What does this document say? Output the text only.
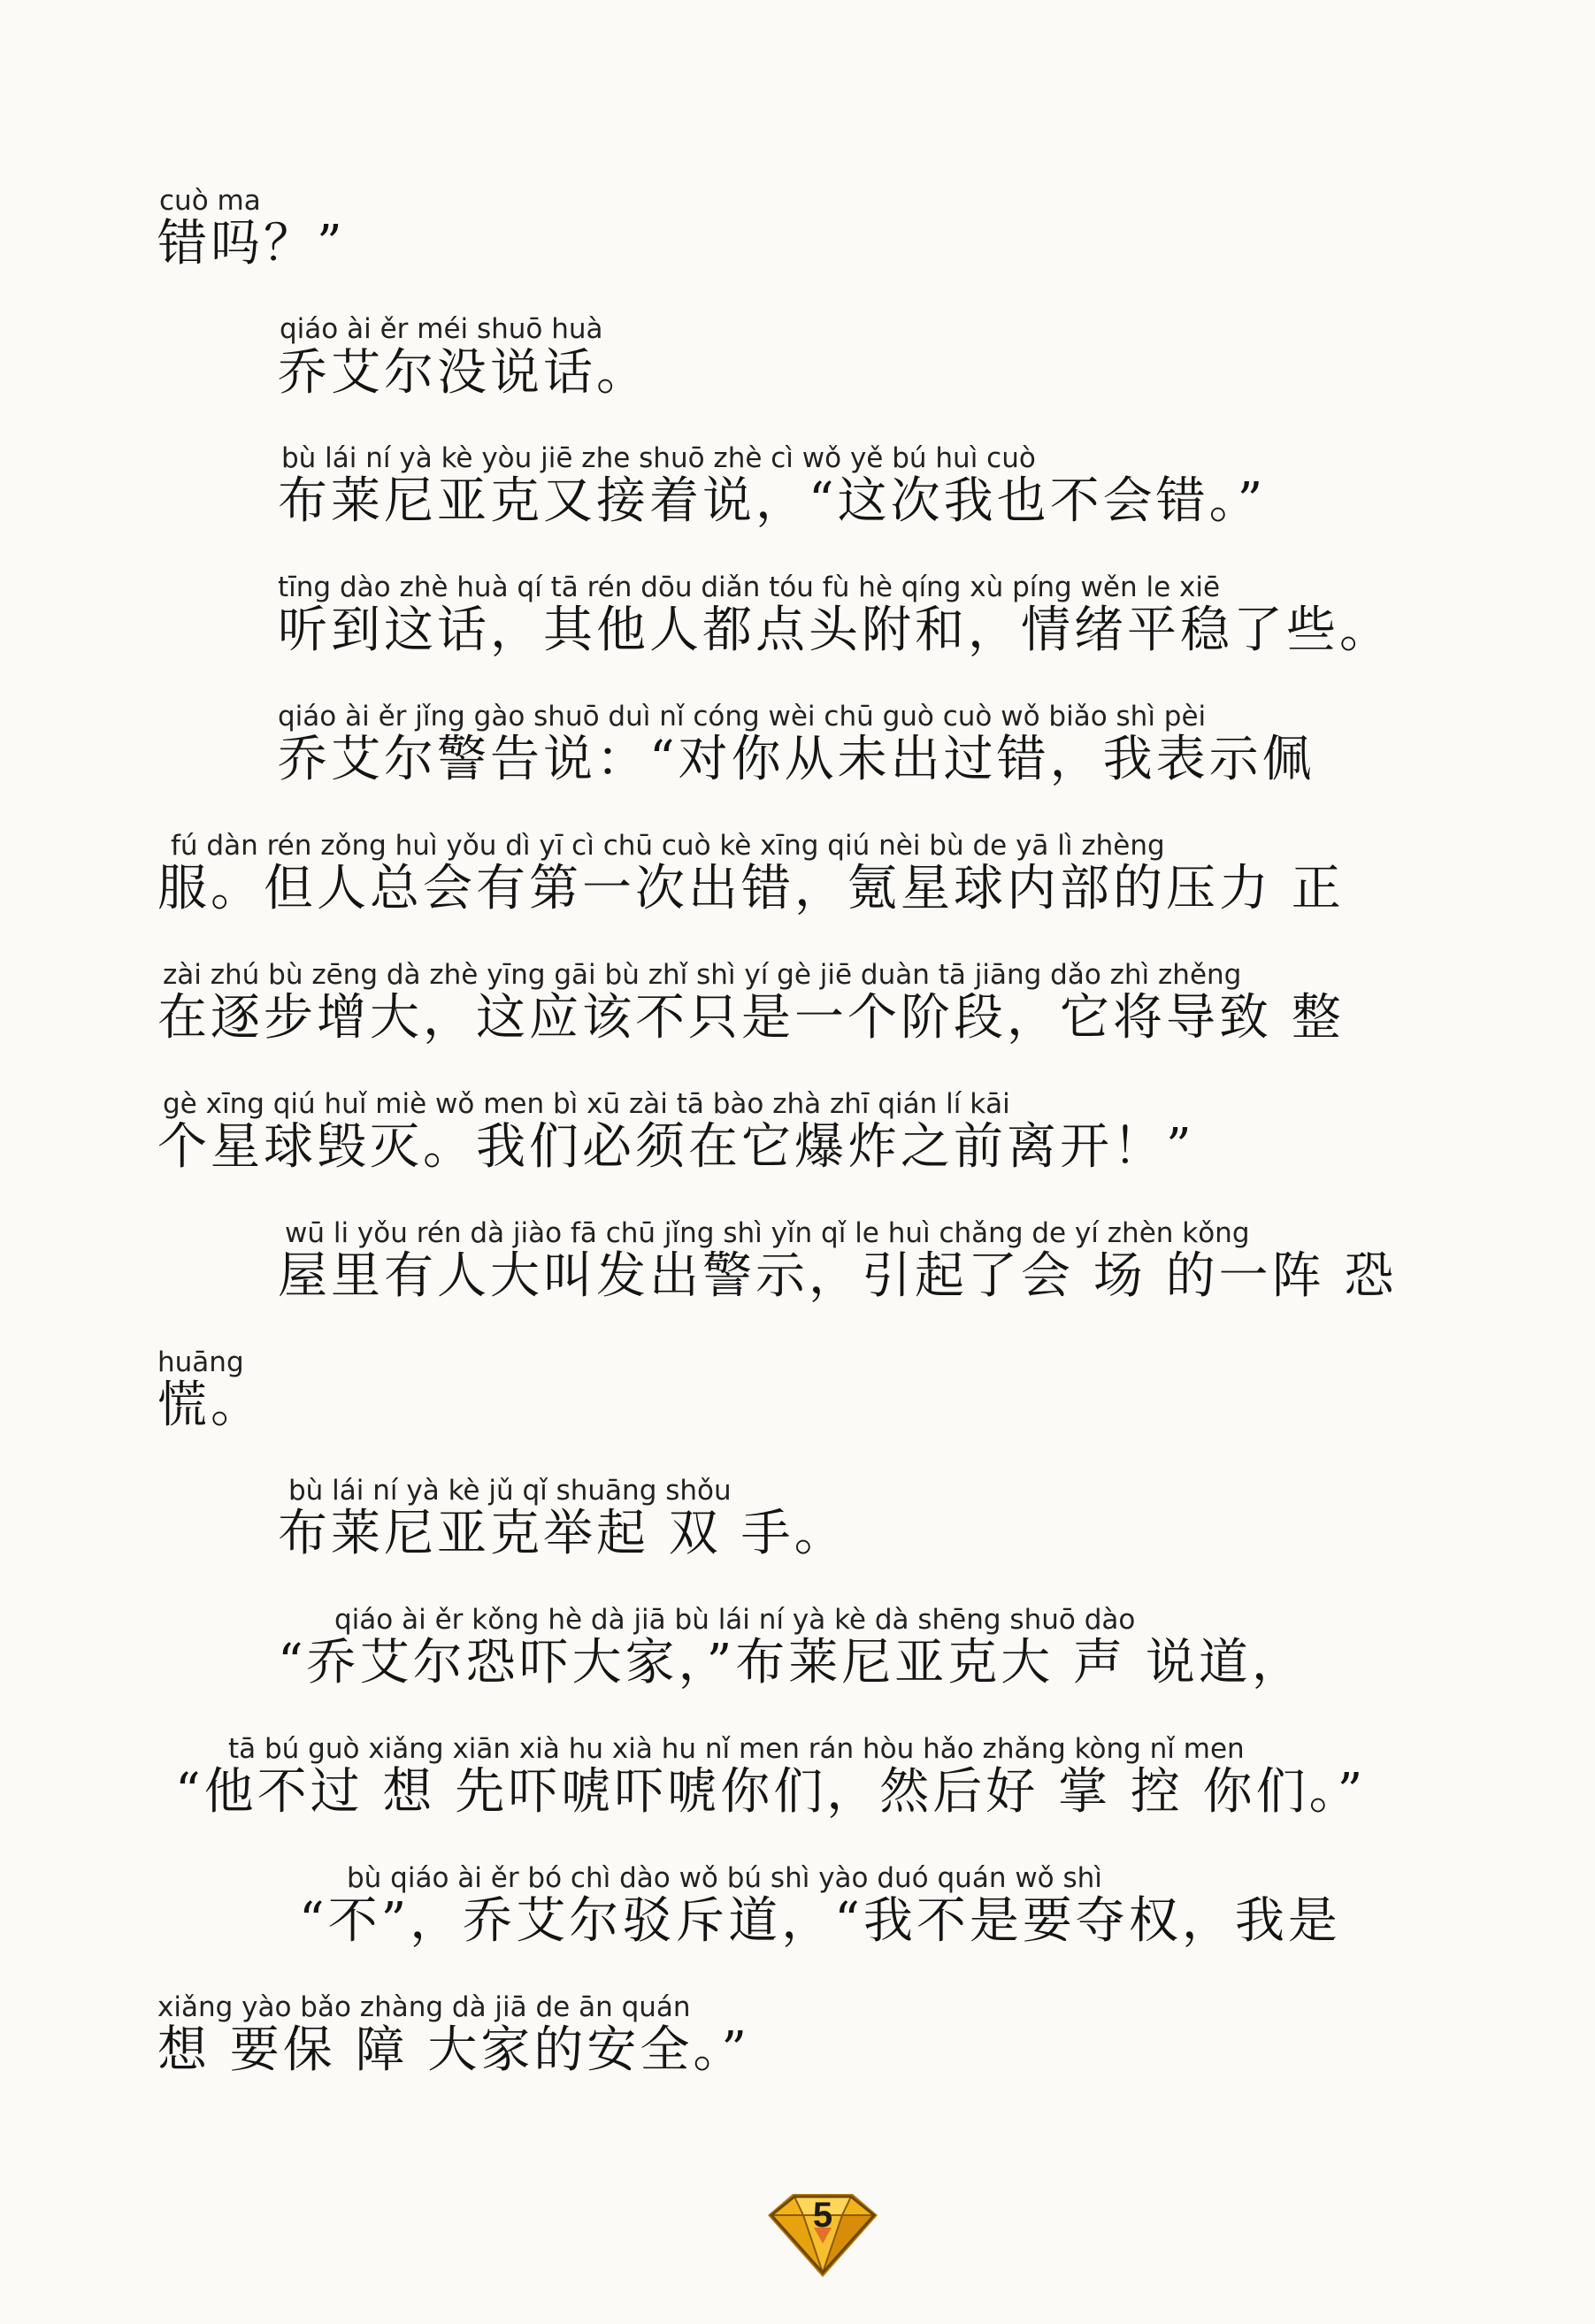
cuò ma
错吗？”
qiáo ài ěr méi shuō huà
乔艾尔没说话。
bù lái ní yà kè yòu jiē zhe shuō zhè cì wǒ yě bú huì cuò
布莱尼亚克又接着说，“这次我也不会错。”
tīng dào zhè huà qí tā rén dōu diǎn tóu fù hè qíng xù píng wěn le xiē
听到这话，其他人都点头附和，情绪平稳了些。
qiáo ài ěr jǐng gào shuō duì nǐ cóng wèi chū guò cuò wǒ biǎo shì pèi
乔艾尔警告说：“对你从未出过错，我表示佩
fú dàn rén zǒng huì yǒu dì yī cì chū cuò kè xīng qiú nèi bù de yā lì zhèng
服。但人总会有第一次出错，氪星球内部的压力 正
zài zhú bù zēng dà zhè yīng gāi bù zhǐ shì yí gè jiē duàn tā jiāng dǎo zhì zhěng
在逐步增大，这应该不只是一个阶段，它将导致 整
gè xīng qiú huǐ miè wǒ men bì xū zài tā bào zhà zhī qián lí kāi
个星球毁灭。我们必须在它爆炸之前离开！”
wū li yǒu rén dà jiào fā chū jǐng shì yǐn qǐ le huì chǎng de yí zhèn kǒng
屋里有人大叫发出警示，引起了会 场 的一阵 恐
huāng
慌。
bù lái ní yà kè jǔ qǐ shuāng shǒu
布莱尼亚克举起 双 手。
qiáo ài ěr kǒng hè dà jiā bù lái ní yà kè dà shēng shuō dào
“乔艾尔恐吓大家，”布莱尼亚克大 声 说道，
tā bú guò xiǎng xiān xià hu xià hu nǐ men rán hòu hǎo zhǎng kòng nǐ men
“他不过 想 先吓唬吓唬你们，然后好 掌 控 你们。”
bù qiáo ài ěr bó chì dào wǒ bú shì yào duó quán wǒ shì
“不”，乔艾尔驳斥道，“我不是要夺权，我是
xiǎng yào bǎo zhàng dà jiā de ān quán
想 要保 障 大家的安全。”
5
